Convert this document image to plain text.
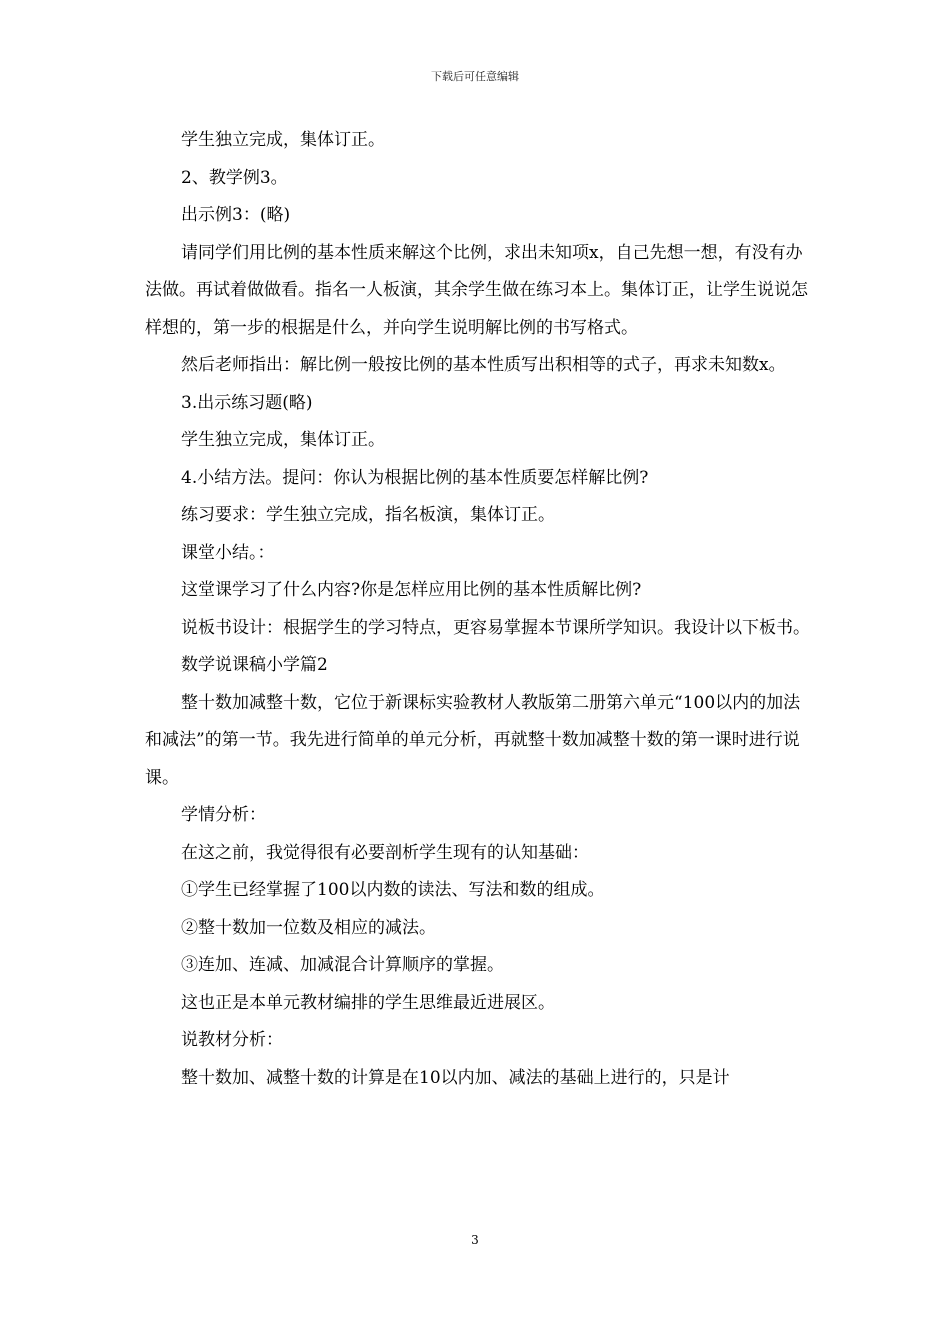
下载后可任意编辑

学生独立完成，集体订正。

2、教学例3。

出示例3：(略)

请同学们用比例的基本性质来解这个比例，求出未知项x，自己先想一想，有没有办法做。再试着做做看。指名一人板演，其余学生做在练习本上。集体订正，让学生说说怎样想的，第一步的根据是什么，并向学生说明解比例的书写格式。

然后老师指出：解比例一般按比例的基本性质写出积相等的式子，再求未知数x。

3.出示练习题(略)

学生独立完成，集体订正。

4.小结方法。提问：你认为根据比例的基本性质要怎样解比例?

练习要求：学生独立完成，指名板演，集体订正。

课堂小结。：

这堂课学习了什么内容?你是怎样应用比例的基本性质解比例?

说板书设计：根据学生的学习特点，更容易掌握本节课所学知识。我设计以下板书。

数学说课稿小学篇2

整十数加减整十数，它位于新课标实验教材人教版第二册第六单元“100以内的加法和减法”的第一节。我先进行简单的单元分析，再就整十数加减整十数的第一课时进行说课。

学情分析：

在这之前，我觉得很有必要剖析学生现有的认知基础：

①学生已经掌握了100以内数的读法、写法和数的组成。

②整十数加一位数及相应的减法。

③连加、连减、加减混合计算顺序的掌握。

这也正是本单元教材编排的学生思维最近进展区。

说教材分析：

整十数加、减整十数的计算是在10以内加、减法的基础上进行的，只是计

3
